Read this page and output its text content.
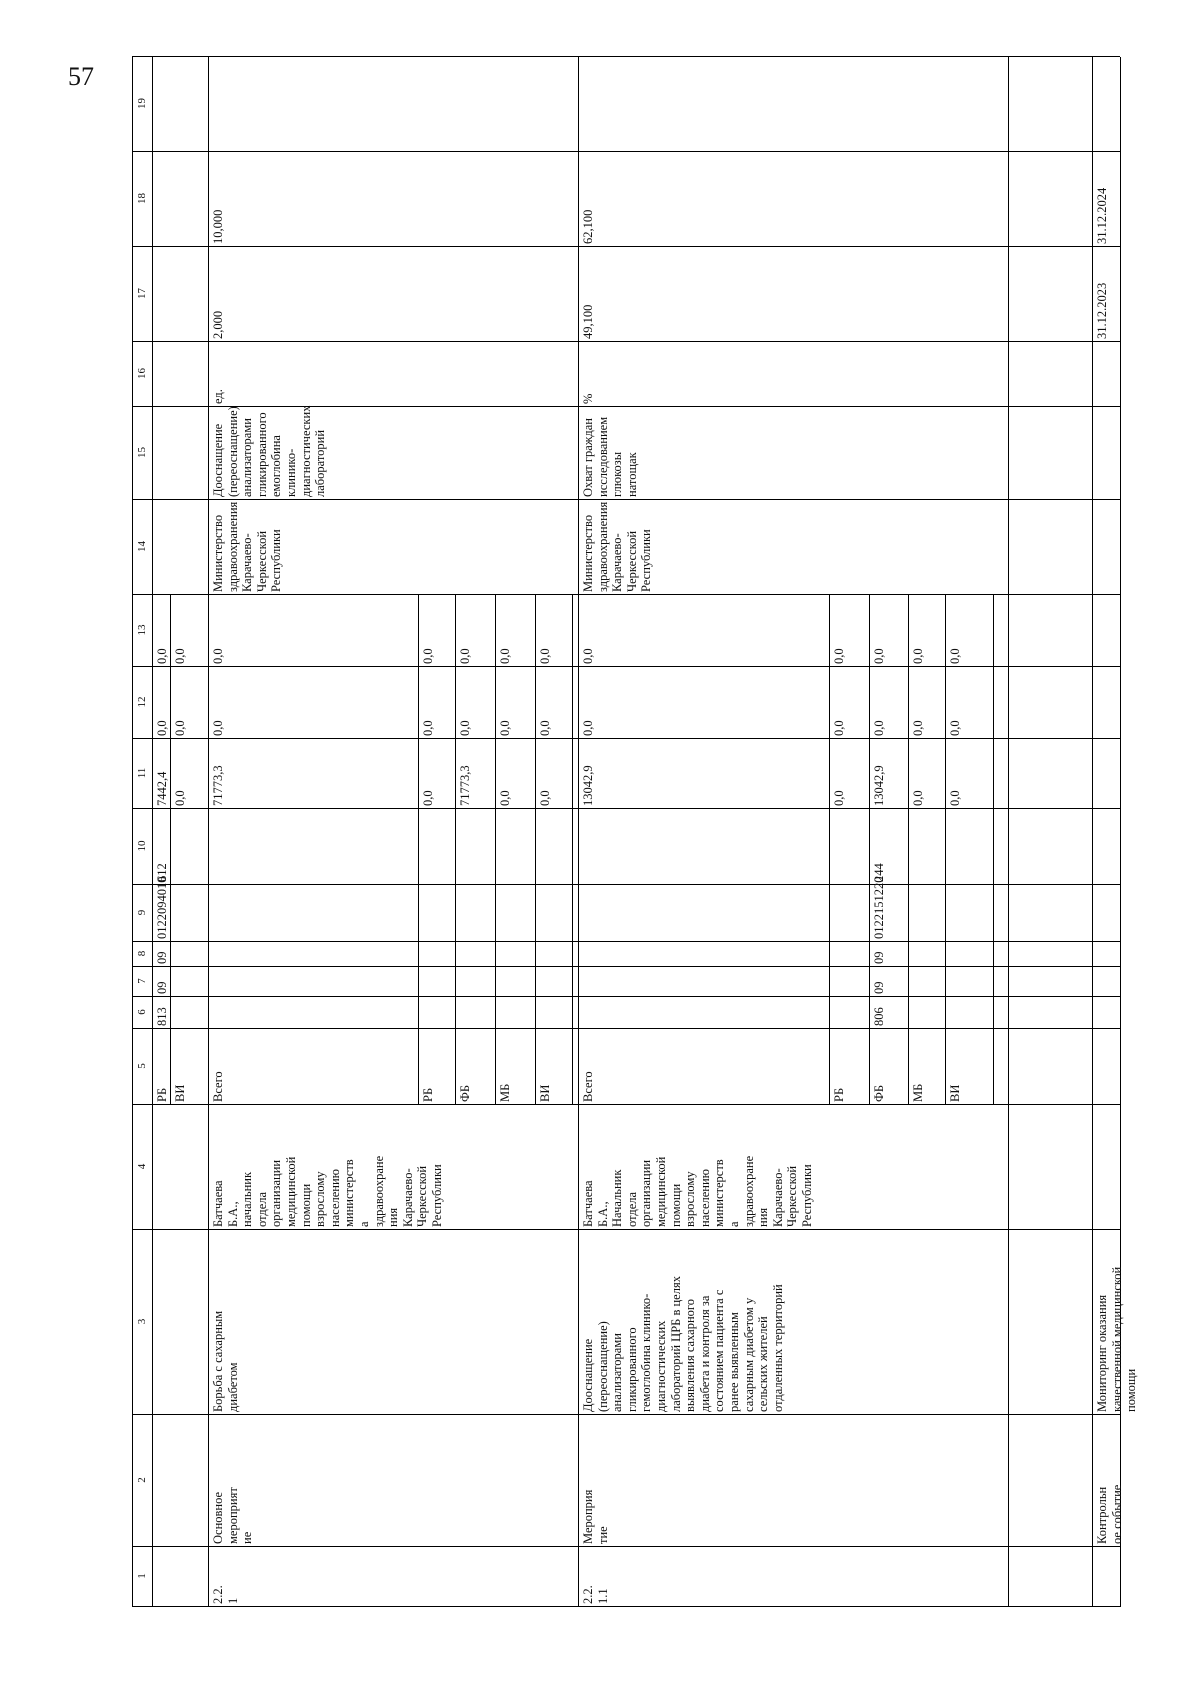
57
1
2
3
4
5
6
7
8
9
10
11
12
13
14
15
16
17
18
19
РБ
813
09
09
0122094010
612
7442,4
0,0
0,0
ВИ
0,0
0,0
0,0
Всего
71773,3
0,0
0,0
РБ
0,0
0,0
0,0
ФБ
71773,3
0,0
0,0
МБ
0,0
0,0
0,0
ВИ
0,0
0,0
0,0
Всего
13042,9
0,0
0,0
РБ
0,0
0,0
0,0
ФБ
806
09
09
0122151220
244
13042,9
0,0
0,0
МБ
0,0
0,0
0,0
ВИ
0,0
0,0
0,0
2.2.
1
Основное
мероприят
ие
Борьба с сахарным
диабетом
Батчаева
Б.А.,
начальник
отдела
организации
медицинской
помощи
взрослому
населению
министерств
а
здравоохране
ния
Карачаево-
Черкесской
Республики
Министерство
здравоохранения
Карачаево-
Черкесской
Республики
Дооснащение
(переоснащение)
анализаторами
гликированного
емоглобина
клинико-
диагностических
лабораторий
ед.
2,000
10,000
2.2.
1.1
Мероприя
тие
Дооснащение
(переоснащение)
анализаторами
гликированного
гемоглобина клинико-
диагностических
лабораторий ЦРБ в целях
выявления сахарного
диабета и контроля за
состоянием пациента с
ранее выявленным
сахарным диабетом у
сельских жителей
отдаленных территорий
Батчаева
Б.А.,
Начальник
отдела
организации
медицинской
помощи
взрослому
населению
министерств
а
здравоохране
ния
Карачаево-
Черкесской
Республики
Министерство
здравоохранения
Карачаево-
Черкесской
Республики
Охват граждан
исследованием
глюкозы
натощак
%
49,100
62,100
Контрольн
ое событие
Мониторинг оказания
качественной медицинской
помощи
31.12.2023
31.12.2024
